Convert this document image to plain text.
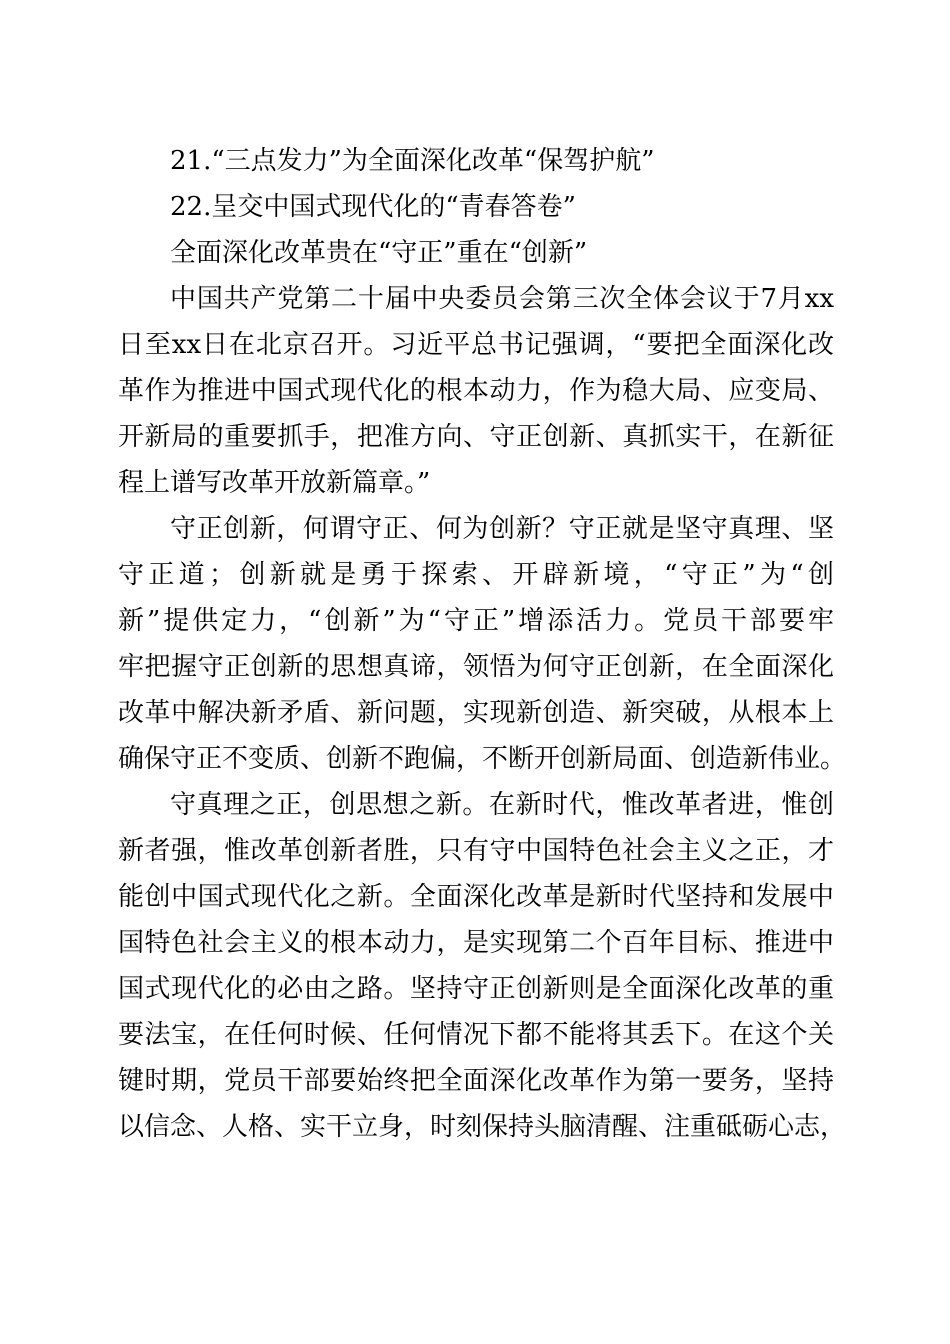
21.“三点发力”为全面深化改革“保驾护航”
22.呈交中国式现代化的“青春答卷”
全面深化改革贵在“守正”重在“创新”
中国共产党第二十届中央委员会第三次全体会议于7月xx
日至xx日在北京召开。习近平总书记强调，“要把全面深化改
革作为推进中国式现代化的根本动力，作为稳大局、应变局、
开新局的重要抓手，把准方向、守正创新、真抓实干，在新征
程上谱写改革开放新篇章。”
守正创新，何谓守正、何为创新？守正就是坚守真理、坚
守正道；创新就是勇于探索、开辟新境，“守正”为“创
新”提供定力，“创新”为“守正”增添活力。党员干部要牢
牢把握守正创新的思想真谛，领悟为何守正创新，在全面深化
改革中解决新矛盾、新问题，实现新创造、新突破，从根本上
确保守正不变质、创新不跑偏，不断开创新局面、创造新伟业。
守真理之正，创思想之新。在新时代，惟改革者进，惟创
新者强，惟改革创新者胜，只有守中国特色社会主义之正，才
能创中国式现代化之新。全面深化改革是新时代坚持和发展中
国特色社会主义的根本动力，是实现第二个百年目标、推进中
国式现代化的必由之路。坚持守正创新则是全面深化改革的重
要法宝，在任何时候、任何情况下都不能将其丢下。在这个关
键时期，党员干部要始终把全面深化改革作为第一要务，坚持
以信念、人格、实干立身，时刻保持头脑清醒、注重砥砺心志，
